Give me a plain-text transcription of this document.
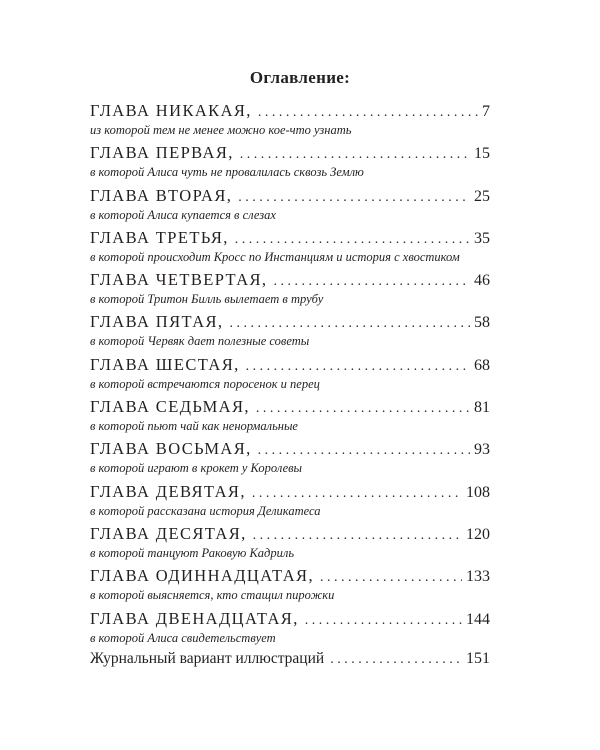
Оглавление:
ГЛАВА НИКАКАЯ, . . .	7
из которой тем не менее можно кое-что узнать
ГЛАВА ПЕРВАЯ, . . .	15
в которой Алиса чуть не провалилась сквозь Землю
ГЛАВА ВТОРАЯ, . . .	25
в которой Алиса купается в слезах
ГЛАВА ТРЕТЬЯ, . . .	35
в которой происходит Кросс по Инстанциям и история с хвостиком
ГЛАВА ЧЕТВЕРТАЯ, . . .	46
в которой Тритон Билль вылетает в трубу
ГЛАВА ПЯТАЯ, . . .	58
в которой Червяк дает полезные советы
ГЛАВА ШЕСТАЯ, . . .	68
в которой встречаются поросенок и перец
ГЛАВА СЕДЬМАЯ, . . .	81
в которой пьют чай как ненормальные
ГЛАВА ВОСЬМАЯ, . . .	93
в которой играют в крокет у Королевы
ГЛАВА ДЕВЯТАЯ, . . .	108
в которой рассказана история Деликатеса
ГЛАВА ДЕСЯТАЯ, . . .	120
в которой танцуют Раковую Кадриль
ГЛАВА ОДИННАДЦАТАЯ, . . .	133
в которой выясняется, кто стащил пирожки
ГЛАВА ДВЕНАДЦАТАЯ, . . .	144
в которой Алиса свидетельствует
Журнальный вариант иллюстраций . . .	151
